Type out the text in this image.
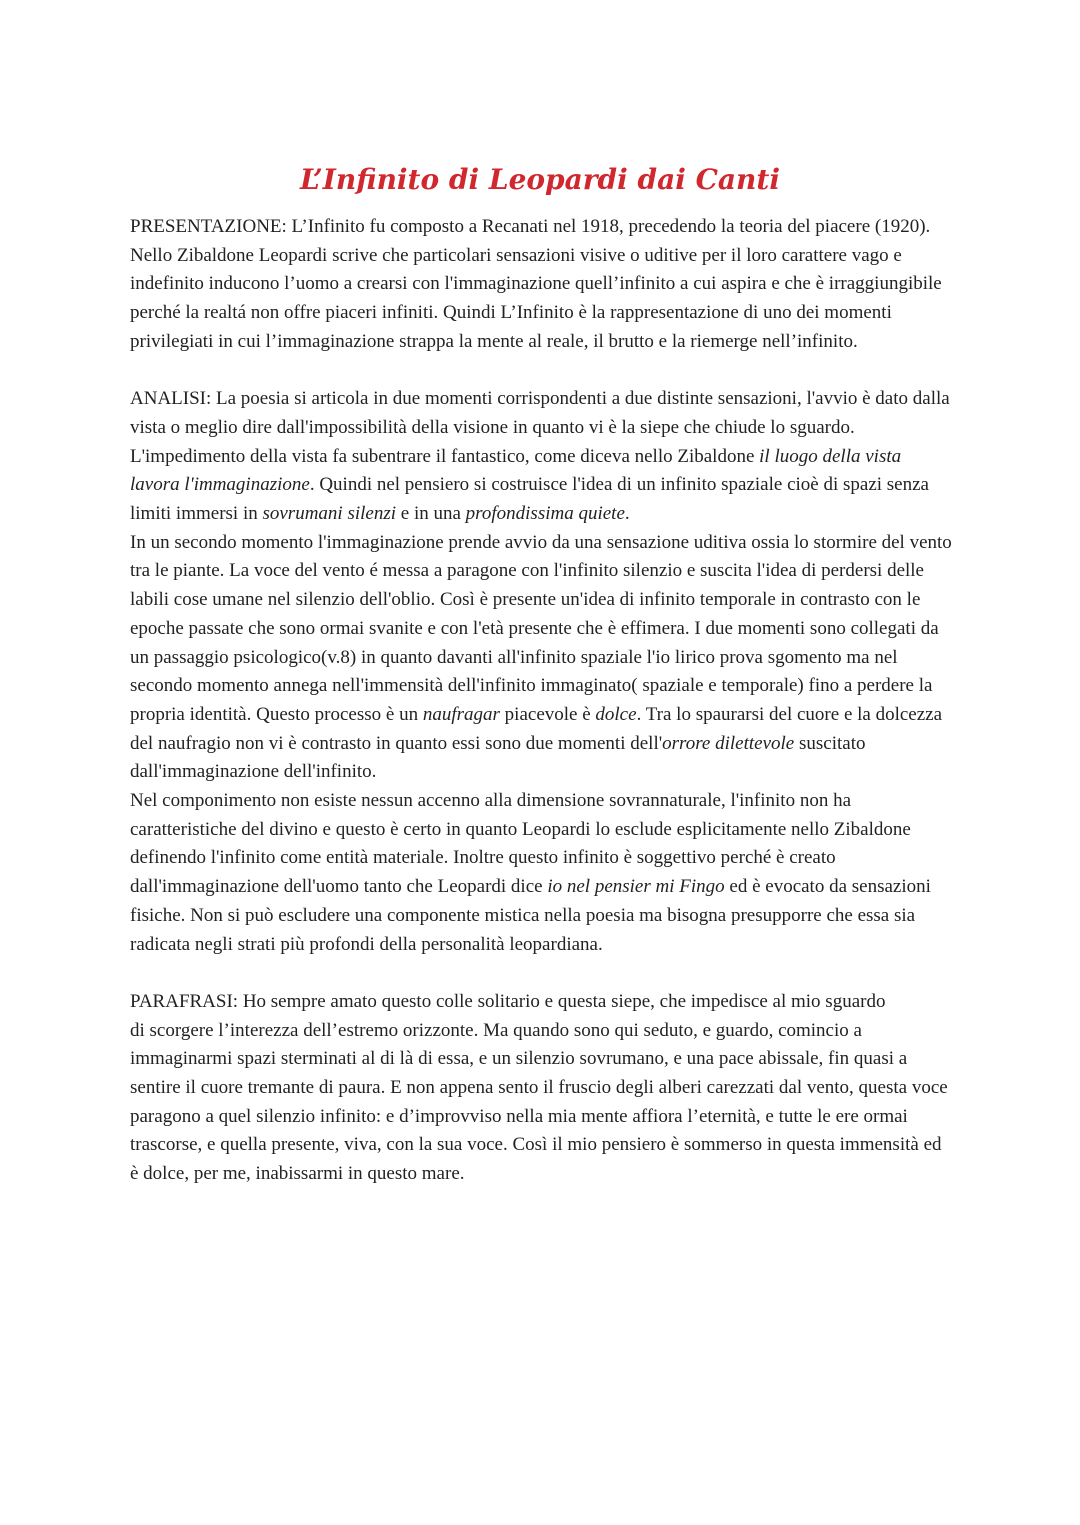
L’Infinito di Leopardi dai Canti

PRESENTAZIONE: L’Infinito fu composto a Recanati nel 1918, precedendo la teoria del piacere (1920). Nello Zibaldone Leopardi scrive che particolari sensazioni visive o uditive per il loro carattere vago e indefinito inducono l’uomo a crearsi con l'immaginazione quell’infinito a cui aspira e che è irraggiungibile perché la realtá non offre piaceri infiniti. Quindi L’Infinito è la rappresentazione di uno dei momenti privilegiati in cui l’immaginazione strappa la mente al reale, il brutto e la riemerge nell’infinito.

ANALISI: La poesia si articola in due momenti corrispondenti a due distinte sensazioni, l'avvio è dato dalla vista o meglio dire dall'impossibilità della visione in quanto vi è la siepe che chiude lo sguardo. L'impedimento della vista fa subentrare il fantastico, come diceva nello Zibaldone il luogo della vista lavora l'immaginazione. Quindi nel pensiero si costruisce l'idea di un infinito spaziale cioè di spazi senza limiti immersi in sovrumani silenzi e in una profondissima quiete.

In un secondo momento l'immaginazione prende avvio da una sensazione uditiva ossia lo stormire del vento tra le piante. La voce del vento é messa a paragone con l'infinito silenzio e suscita l'idea di perdersi delle labili cose umane nel silenzio dell'oblio. Così è presente un'idea di infinito temporale in contrasto con le epoche passate che sono ormai svanite e con l'età presente che è effimera. I due momenti sono collegati da un passaggio psicologico(v.8) in quanto davanti all'infinito spaziale l'io lirico prova sgomento ma nel secondo momento annega nell'immensità dell'infinito immaginato( spaziale e temporale) fino a perdere la propria identità. Questo processo è un naufragar piacevole è dolce. Tra lo spaurarsi del cuore e la dolcezza del naufragio non vi è contrasto in quanto essi sono due momenti dell'orrore dilettevole suscitato dall'immaginazione dell'infinito.

Nel componimento non esiste nessun accenno alla dimensione sovrannaturale, l'infinito non ha caratteristiche del divino e questo è certo in quanto Leopardi lo esclude esplicitamente nello Zibaldone definendo l'infinito come entità materiale. Inoltre questo infinito è soggettivo perché è creato dall'immaginazione dell'uomo tanto che Leopardi dice io nel pensier mi Fingo ed è evocato da sensazioni fisiche. Non si può escludere una componente mistica nella poesia ma bisogna presupporre che essa sia radicata negli strati più profondi della personalità leopardiana.

PARAFRASI: Ho sempre amato questo colle solitario e questa siepe, che impedisce al mio sguardo

di scorgere l’interezza dell’estremo orizzonte. Ma quando sono qui seduto, e guardo, comincio a immaginarmi spazi sterminati al di là di essa, e un silenzio sovrumano, e una pace abissale, fin quasi a sentire il cuore tremante di paura. E non appena sento il fruscio degli alberi carezzati dal vento, questa voce paragono a quel silenzio infinito: e d’improvviso nella mia mente affiora l’eternità, e tutte le ere ormai trascorse, e quella presente, viva, con la sua voce. Così il mio pensiero è sommerso in questa immensità ed è dolce, per me, inabissarmi in questo mare.
